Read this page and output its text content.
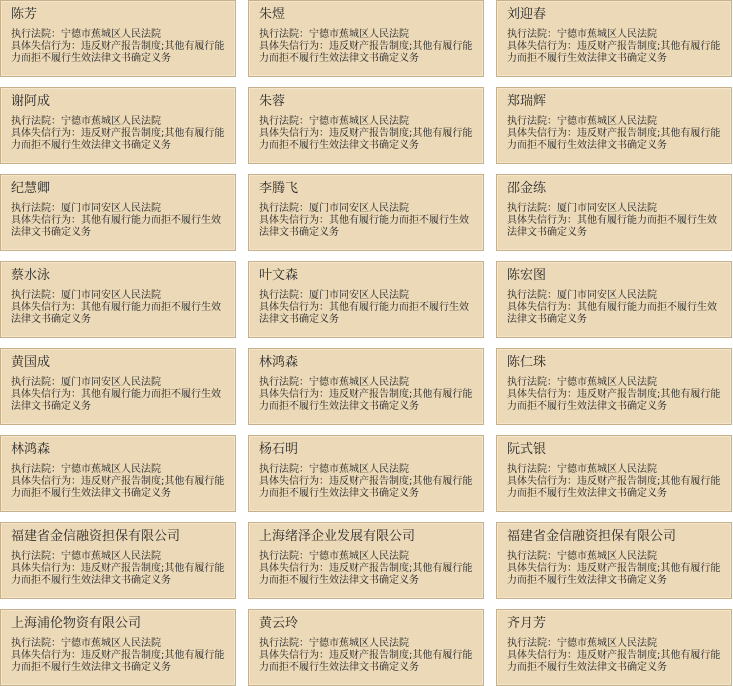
陈芳
执行法院：宁德市蕉城区人民法院
具体失信行为：违反财产报告制度;其他有履行能力而拒不履行生效法律文书确定义务
朱煜
执行法院：宁德市蕉城区人民法院
具体失信行为：违反财产报告制度;其他有履行能力而拒不履行生效法律文书确定义务
刘迎春
执行法院：宁德市蕉城区人民法院
具体失信行为：违反财产报告制度;其他有履行能力而拒不履行生效法律文书确定义务
谢阿成
执行法院：宁德市蕉城区人民法院
具体失信行为：违反财产报告制度;其他有履行能力而拒不履行生效法律文书确定义务
朱蓉
执行法院：宁德市蕉城区人民法院
具体失信行为：违反财产报告制度;其他有履行能力而拒不履行生效法律文书确定义务
郑瑞辉
执行法院：宁德市蕉城区人民法院
具体失信行为：违反财产报告制度;其他有履行能力而拒不履行生效法律文书确定义务
纪慧卿
执行法院：厦门市同安区人民法院
具体失信行为：其他有履行能力而拒不履行生效法律文书确定义务
李腾飞
执行法院：厦门市同安区人民法院
具体失信行为：其他有履行能力而拒不履行生效法律文书确定义务
邵金练
执行法院：厦门市同安区人民法院
具体失信行为：其他有履行能力而拒不履行生效法律文书确定义务
蔡水泳
执行法院：厦门市同安区人民法院
具体失信行为：其他有履行能力而拒不履行生效法律文书确定义务
叶文森
执行法院：厦门市同安区人民法院
具体失信行为：其他有履行能力而拒不履行生效法律文书确定义务
陈宏图
执行法院：厦门市同安区人民法院
具体失信行为：其他有履行能力而拒不履行生效法律文书确定义务
黄国成
执行法院：厦门市同安区人民法院
具体失信行为：其他有履行能力而拒不履行生效法律文书确定义务
林鸿森
执行法院：宁德市蕉城区人民法院
具体失信行为：违反财产报告制度;其他有履行能力而拒不履行生效法律文书确定义务
陈仁珠
执行法院：宁德市蕉城区人民法院
具体失信行为：违反财产报告制度;其他有履行能力而拒不履行生效法律文书确定义务
林鸿森
执行法院：宁德市蕉城区人民法院
具体失信行为：违反财产报告制度;其他有履行能力而拒不履行生效法律文书确定义务
杨石明
执行法院：宁德市蕉城区人民法院
具体失信行为：违反财产报告制度;其他有履行能力而拒不履行生效法律文书确定义务
阮式银
执行法院：宁德市蕉城区人民法院
具体失信行为：违反财产报告制度;其他有履行能力而拒不履行生效法律文书确定义务
福建省金信融资担保有限公司
执行法院：宁德市蕉城区人民法院
具体失信行为：违反财产报告制度;其他有履行能力而拒不履行生效法律文书确定义务
上海绪泽企业发展有限公司
执行法院：宁德市蕉城区人民法院
具体失信行为：违反财产报告制度;其他有履行能力而拒不履行生效法律文书确定义务
福建省金信融资担保有限公司
执行法院：宁德市蕉城区人民法院
具体失信行为：违反财产报告制度;其他有履行能力而拒不履行生效法律文书确定义务
上海浦伦物资有限公司
执行法院：宁德市蕉城区人民法院
具体失信行为：违反财产报告制度;其他有履行能力而拒不履行生效法律文书确定义务
黄云玲
执行法院：宁德市蕉城区人民法院
具体失信行为：违反财产报告制度;其他有履行能力而拒不履行生效法律文书确定义务
齐月芳
执行法院：宁德市蕉城区人民法院
具体失信行为：违反财产报告制度;其他有履行能力而拒不履行生效法律文书确定义务
